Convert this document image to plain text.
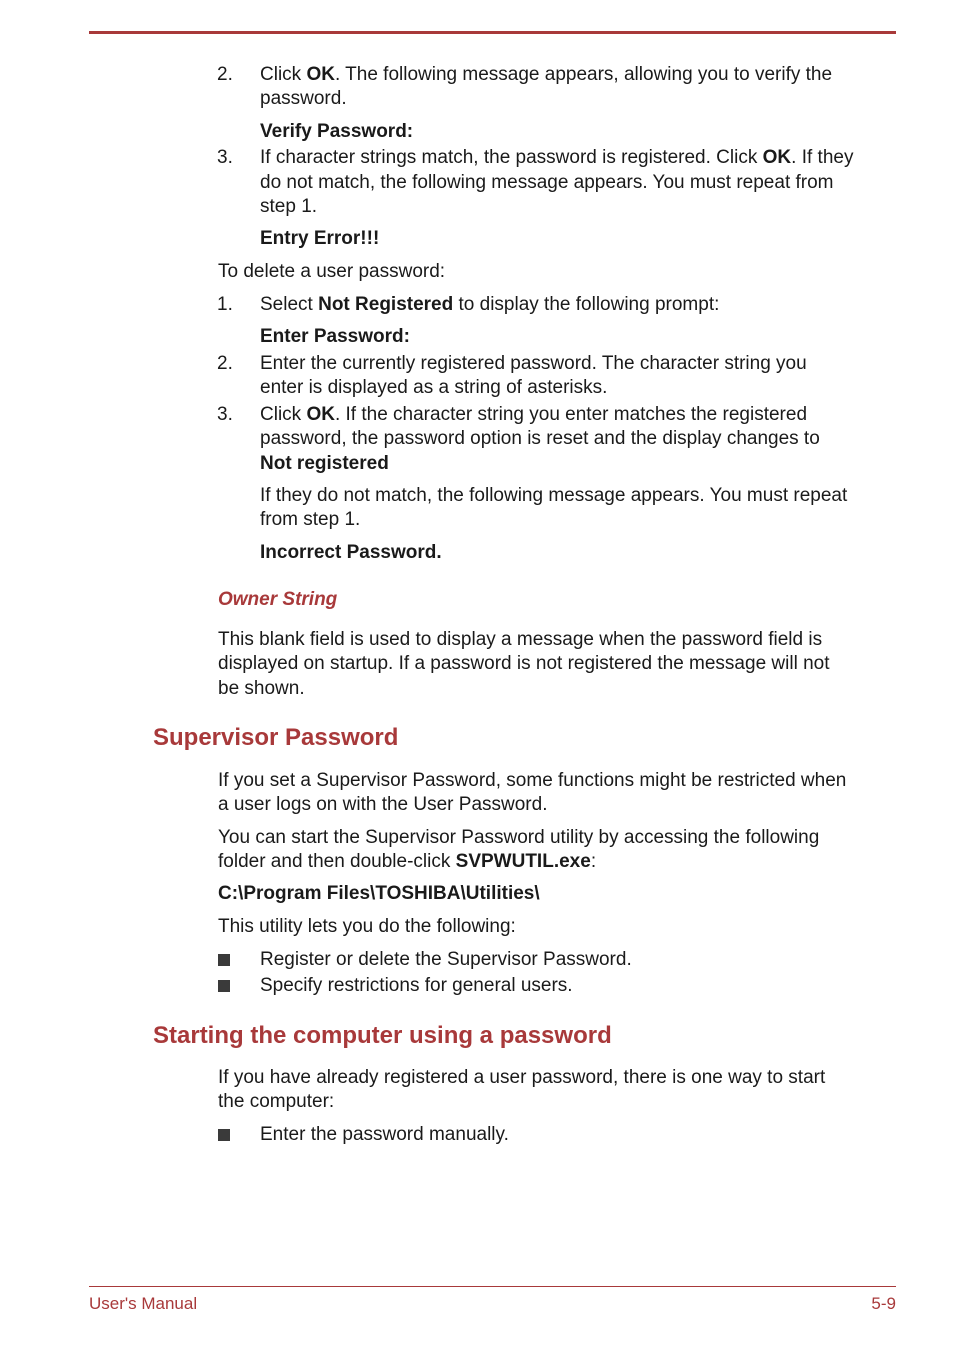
2. Click OK. The following message appears, allowing you to verify the
password.
Verify Password:
3. If character strings match, the password is registered. Click OK. If they
do not match, the following message appears. You must repeat from
step 1.
Entry Error!!!
To delete a user password:
1. Select Not Registered to display the following prompt:
Enter Password:
2. Enter the currently registered password. The character string you
enter is displayed as a string of asterisks.
3. Click OK. If the character string you enter matches the registered
password, the password option is reset and the display changes to
Not registered
If they do not match, the following message appears. You must repeat
from step 1.
Incorrect Password.
Owner String
This blank field is used to display a message when the password field is
displayed on startup. If a password is not registered the message will not
be shown.
Supervisor Password
If you set a Supervisor Password, some functions might be restricted when
a user logs on with the User Password.
You can start the Supervisor Password utility by accessing the following
folder and then double-click SVPWUTIL.exe:
C:\Program Files\TOSHIBA\Utilities\
This utility lets you do the following:
Register or delete the Supervisor Password.
Specify restrictions for general users.
Starting the computer using a password
If you have already registered a user password, there is one way to start
the computer:
Enter the password manually.
User's Manual	5-9
